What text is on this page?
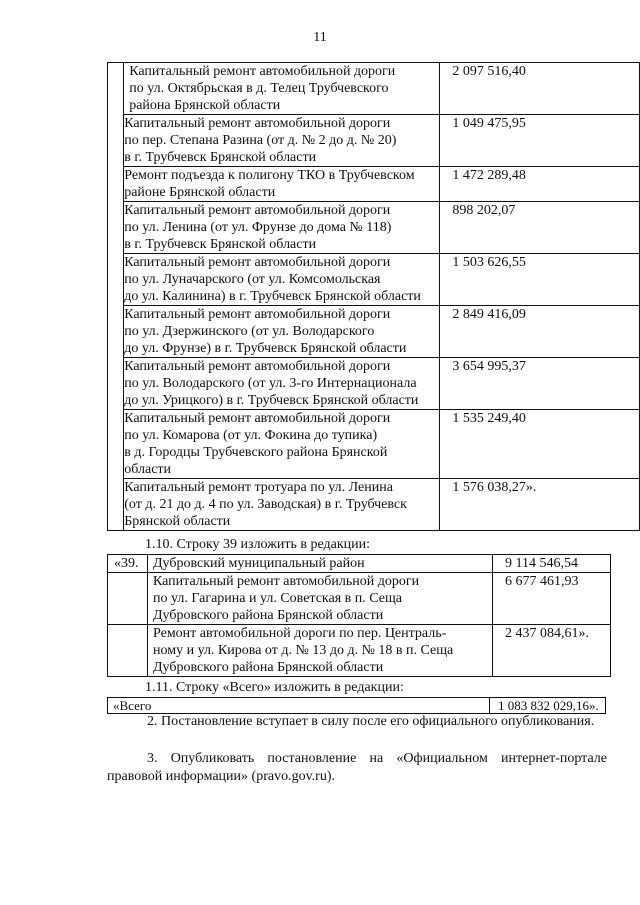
11

	Капитальный ремонт автомобильной дороги
по ул. Октябрьская в д. Телец Трубчевского
района Брянской области	2 097 516,40

	Капитальный ремонт автомобильной дороги
по пер. Степана Разина (от д. № 2 до д. № 20)
в г. Трубчевск Брянской области	1 049 475,95

	Ремонт подъезда к полигону ТКО в Трубчевском
районе Брянской области	1 472 289,48

	Капитальный ремонт автомобильной дороги
по ул. Ленина (от ул. Фрунзе до дома № 118)
в г. Трубчевск Брянской области	898 202,07

	Капитальный ремонт автомобильной дороги
по ул. Луначарского (от ул. Комсомольская
до ул. Калинина) в г. Трубчевск Брянской области	1 503 626,55

	Капитальный ремонт автомобильной дороги
по ул. Дзержинского (от ул. Володарского
до ул. Фрунзе) в г. Трубчевск Брянской области	2 849 416,09

	Капитальный ремонт автомобильной дороги
по ул. Володарского (от ул. 3-го Интернационала
до ул. Урицкого) в г. Трубчевск Брянской области	3 654 995,37

	Капитальный ремонт автомобильной дороги
по ул. Комарова (от ул. Фокина до тупика)
в д. Городцы Трубчевского района Брянской
области	1 535 249,40

	Капитальный ремонт тротуара по ул. Ленина
(от д. 21 до д. 4 по ул. Заводская) в г. Трубчевск
Брянской области	1 576 038,27».
1.10. Строку 39 изложить в редакции:
«39.	Дубровский муниципальный район	9 114 546,54

	Капитальный ремонт автомобильной дороги
по ул. Гагарина и ул. Советская в п. Сеща
Дубровского района Брянской области	6 677 461,93

	Ремонт автомобильной дороги по пер. Централь-
ному и ул. Кирова от д. № 13 до д. № 18 в п. Сеща
Дубровского района Брянской области	2 437 084,61».
1.11. Строку «Всего» изложить в редакции:
«Всего	1 083 832 029,16».
2. Постановление вступает в силу после его официального опубликования.
3. Опубликовать постановление на «Официальном интернет-портале правовой информации» (pravo.gov.ru).
